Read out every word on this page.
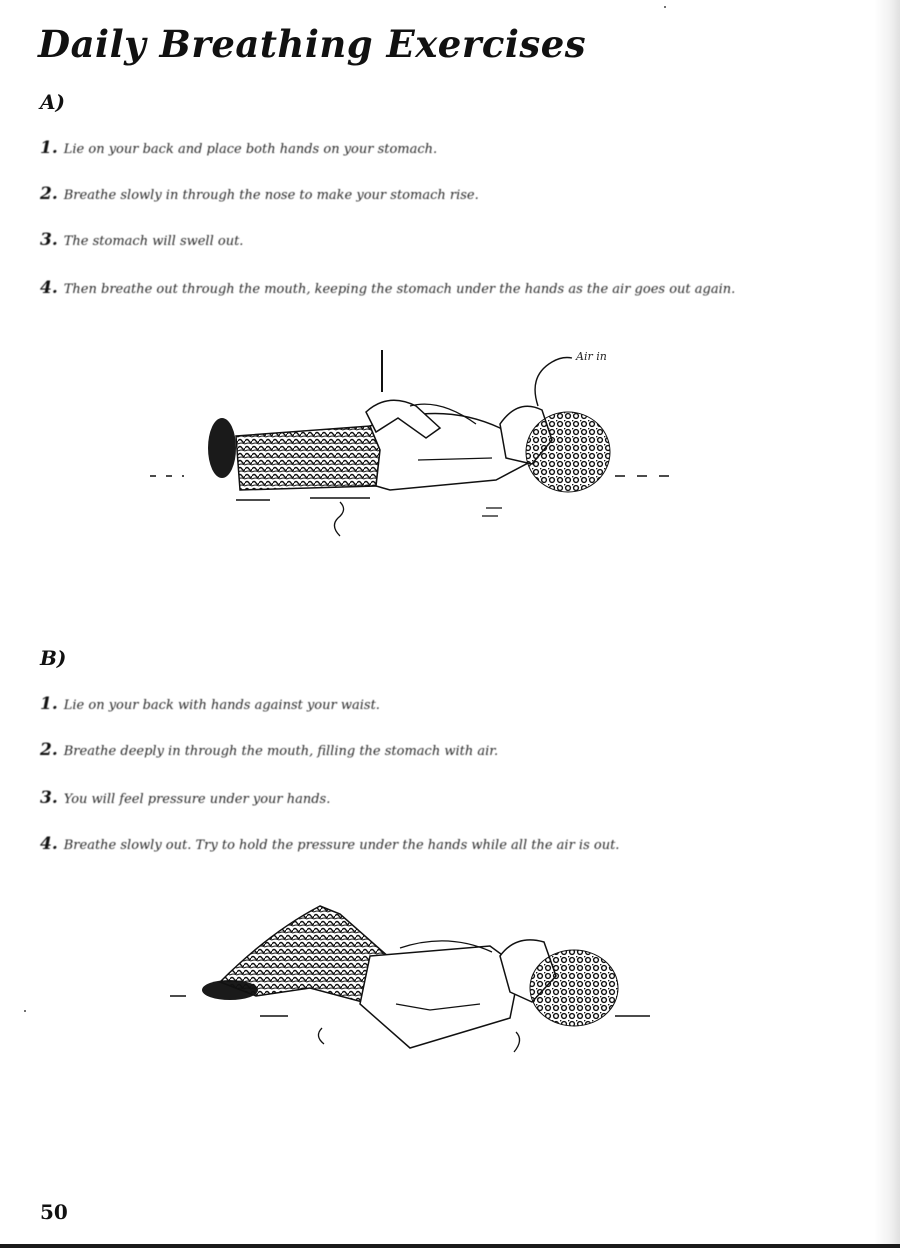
Daily Breathing Exercises
A)
1. Lie on your back and place both hands on your stomach.
2. Breathe slowly in through the nose to make your stomach rise.
3. The stomach will swell out.
4. Then breathe out through the mouth, keeping the stomach under the hands as the air goes out again.
Air in
B)
1. Lie on your back with hands against your waist.
2. Breathe deeply in through the mouth, filling the stomach with air.
3. You will feel pressure under your hands.
4. Breathe slowly out. Try to hold the pressure under the hands while all the air is out.
50
